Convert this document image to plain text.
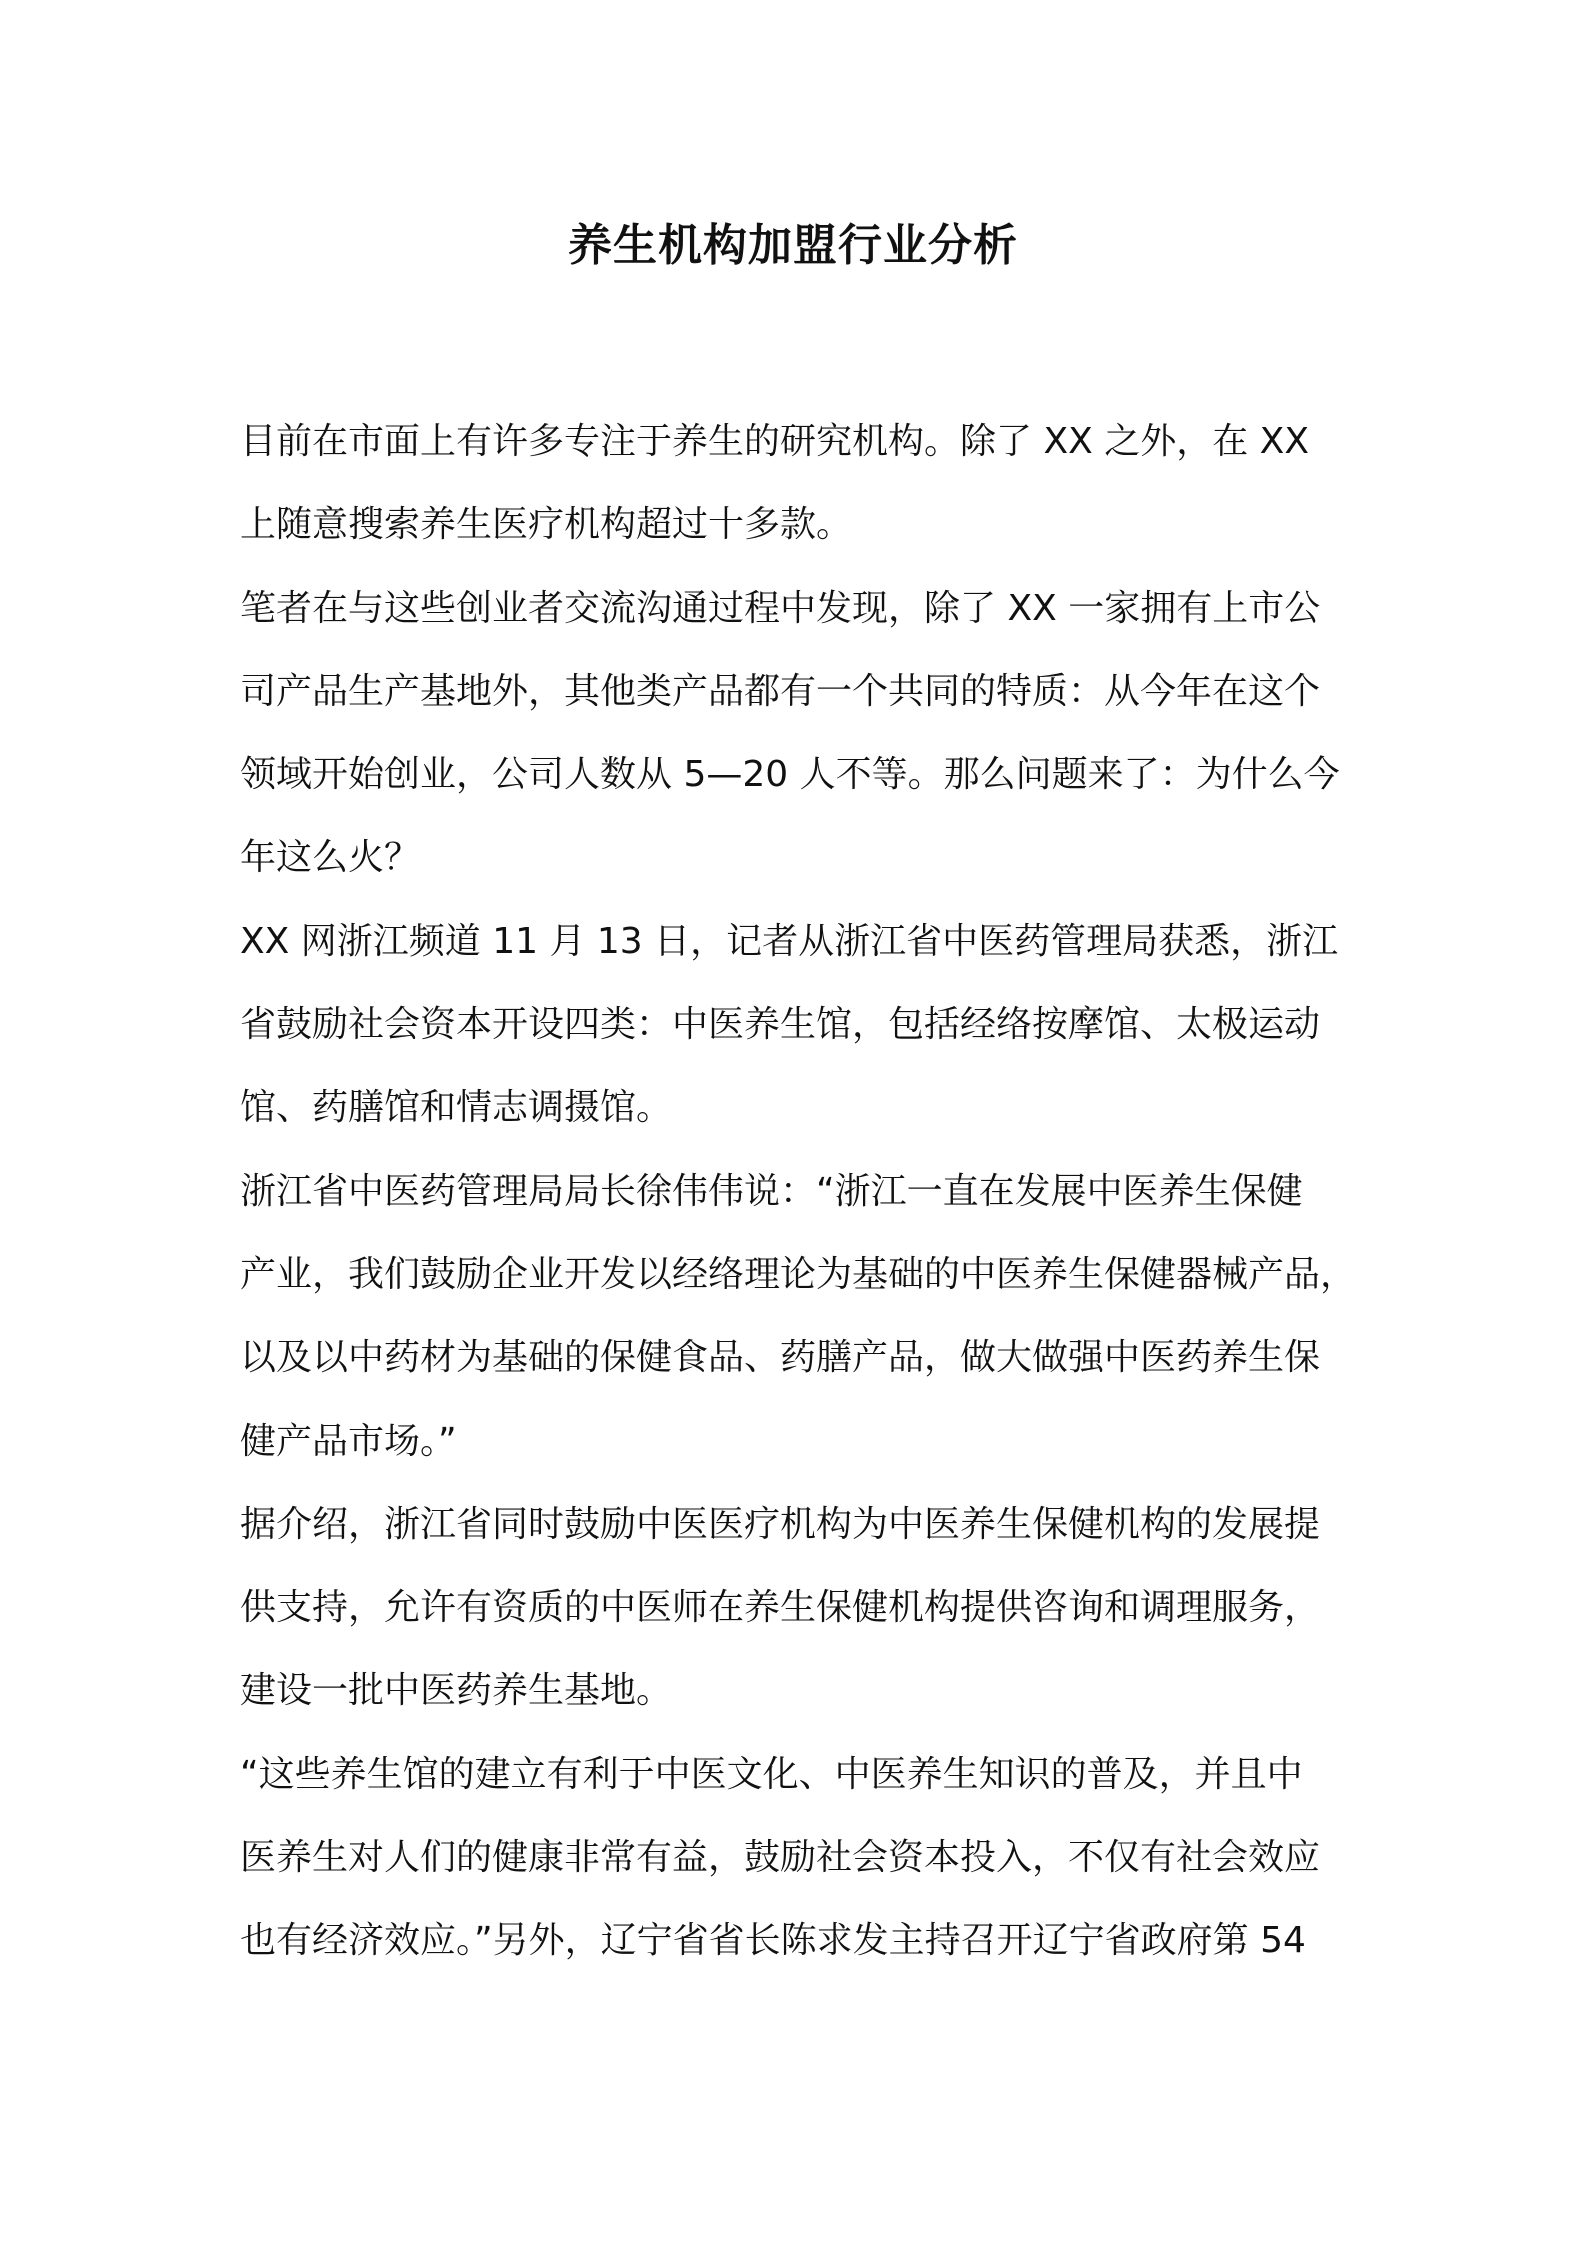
养生机构加盟行业分析
目前在市面上有许多专注于养生的研究机构。除了 XX 之外，在 XX
上随意搜索养生医疗机构超过十多款。
笔者在与这些创业者交流沟通过程中发现，除了 XX 一家拥有上市公
司产品生产基地外，其他类产品都有一个共同的特质：从今年在这个
领域开始创业，公司人数从 5—20 人不等。那么问题来了：为什么今
年这么火？
XX 网浙江频道 11 月 13 日，记者从浙江省中医药管理局获悉，浙江
省鼓励社会资本开设四类：中医养生馆，包括经络按摩馆、太极运动
馆、药膳馆和情志调摄馆。
浙江省中医药管理局局长徐伟伟说：“浙江一直在发展中医养生保健
产业，我们鼓励企业开发以经络理论为基础的中医养生保健器械产品，
以及以中药材为基础的保健食品、药膳产品，做大做强中医药养生保
健产品市场。”
据介绍，浙江省同时鼓励中医医疗机构为中医养生保健机构的发展提
供支持，允许有资质的中医师在养生保健机构提供咨询和调理服务，
建设一批中医药养生基地。
“这些养生馆的建立有利于中医文化、中医养生知识的普及，并且中
医养生对人们的健康非常有益，鼓励社会资本投入，不仅有社会效应
也有经济效应。”另外，辽宁省省长陈求发主持召开辽宁省政府第 54
